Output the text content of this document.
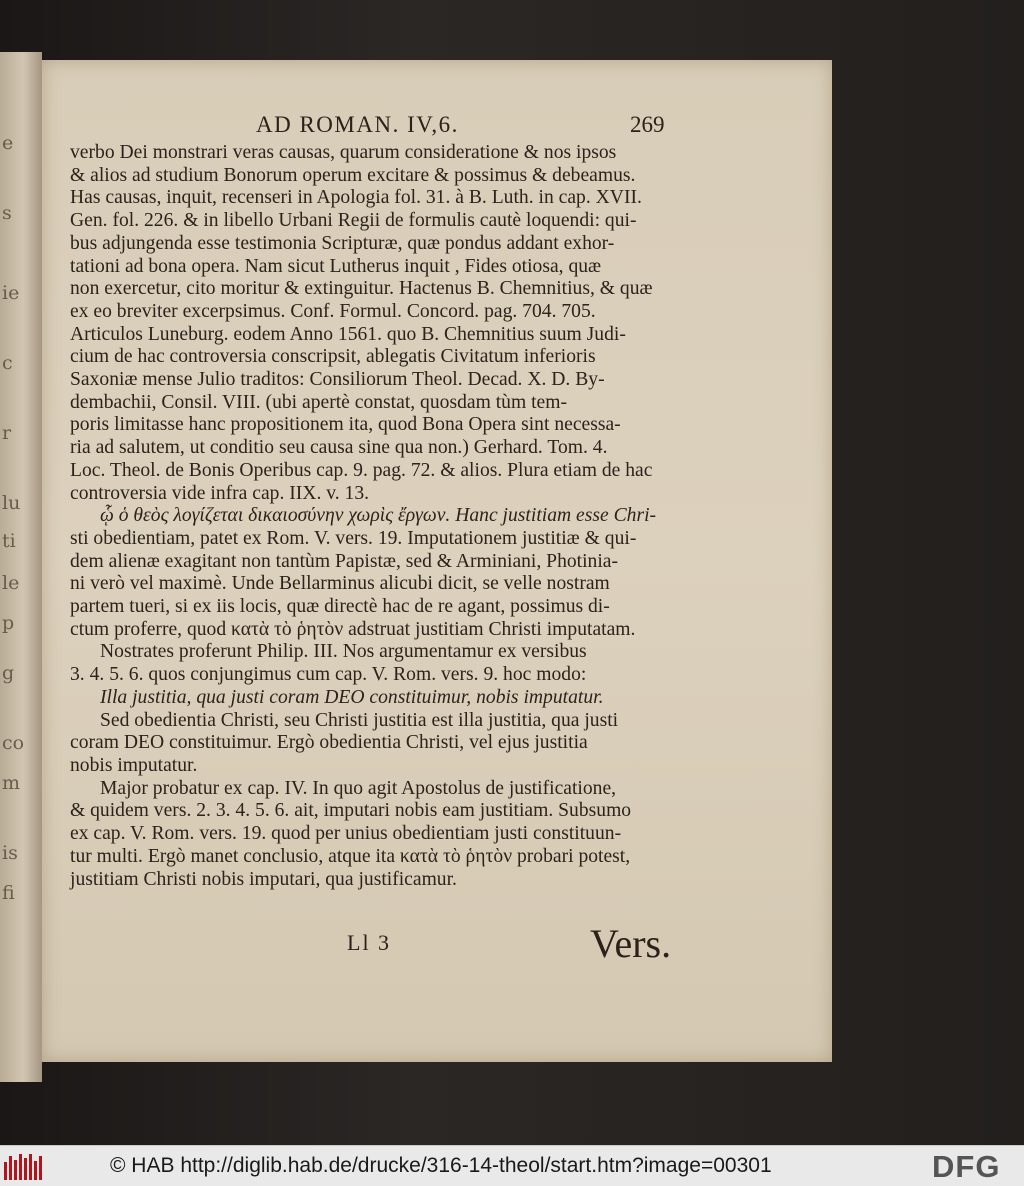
e
s
ie
c
r
lu
ti
le
p
g
co
m
is
fi
AD ROMAN. IV,6.	269
verbo Dei monstrari veras causas, quarum consideratione & nos ipsos
& alios ad studium Bonorum operum excitare & possimus & debeamus.
Has causas, inquit, recenseri in Apologia fol. 31. à B. Luth. in cap. XVII.
Gen. fol. 226. & in libello Urbani Regii de formulis cautè loquendi: qui-
bus adjungenda esse testimonia Scripturæ, quæ pondus addant exhor-
tationi ad bona opera. Nam sicut Lutherus inquit , Fides otiosa, quæ
non exercetur, cito moritur & extinguitur. Hactenus B. Chemnitius, & quæ
ex eo breviter excerpsimus. Conf. Formul. Concord. pag. 704. 705.
Articulos Luneburg. eodem Anno 1561. quo B. Chemnitius suum Judi-
cium de hac controversia conscripsit, ablegatis Civitatum inferioris
Saxoniæ mense Julio traditos: Consiliorum Theol. Decad. X. D. By-
dembachii, Consil. VIII. (ubi apertè constat, quosdam tùm tem-
poris limitasse hanc propositionem ita, quod Bona Opera sint necessa-
ria ad salutem, ut conditio seu causa sine qua non.) Gerhard. Tom. 4.
Loc. Theol. de Bonis Operibus cap. 9. pag. 72. & alios. Plura etiam de hac
controversia vide infra cap. IIX. v. 13.
ᾧ ὁ θεὸς λογίζεται δικαιοσύνην χωρὶς ἔργων. Hanc justitiam esse Chri-
sti obedientiam, patet ex Rom. V. vers. 19. Imputationem justitiæ & qui-
dem alienæ exagitant non tantùm Papistæ, sed & Arminiani, Photinia-
ni verò vel maximè. Unde Bellarminus alicubi dicit, se velle nostram
partem tueri, si ex iis locis, quæ directè hac de re agant, possimus di-
ctum proferre, quod κατὰ τὸ ῥητὸν adstruat justitiam Christi imputatam.
Nostrates proferunt Philip. III. Nos argumentamur ex versibus
3. 4. 5. 6. quos conjungimus cum cap. V. Rom. vers. 9. hoc modo:
Illa justitia, qua justi coram DEO constituimur, nobis imputatur.
Sed obedientia Christi, seu Christi justitia est illa justitia, qua justi
coram DEO constituimur. Ergò obedientia Christi, vel ejus justitia
nobis imputatur.
Major probatur ex cap. IV. In quo agit Apostolus de justificatione,
& quidem vers. 2. 3. 4. 5. 6. ait, imputari nobis eam justitiam. Subsumo
ex cap. V. Rom. vers. 19. quod per unius obedientiam justi constituun-
tur multi. Ergò manet conclusio, atque ita κατὰ τὸ ῥητὸν probari potest,
justitiam Christi nobis imputari, qua justificamur.
Ll 3	Vers.
© HAB http://diglib.hab.de/drucke/316-14-theol/start.htm?image=00301	DFG
